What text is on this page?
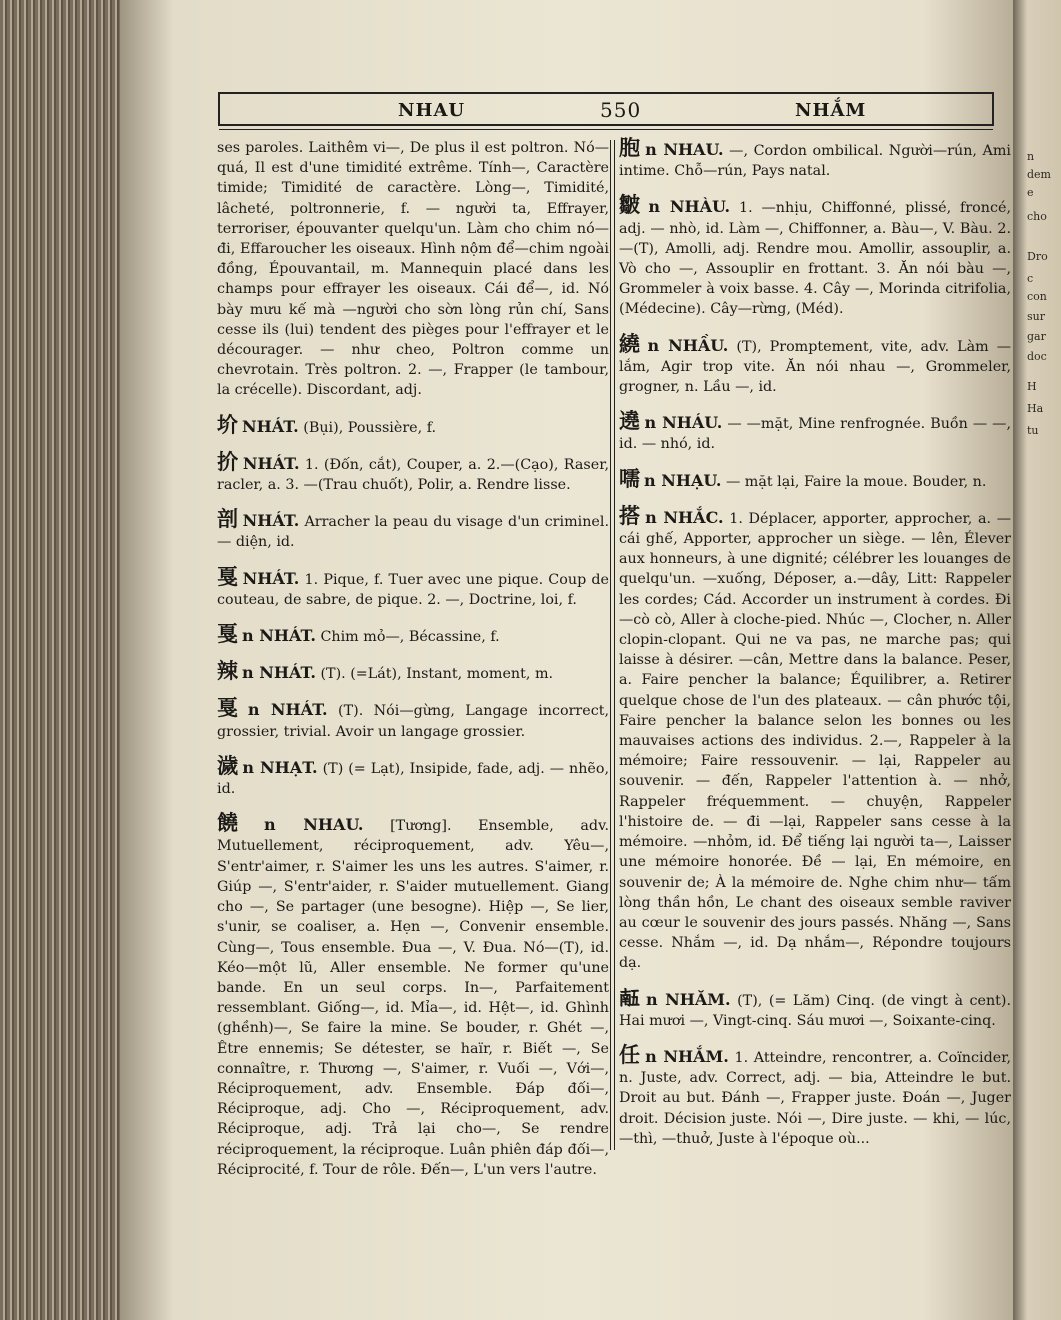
n
dem
e
cho
Dro
c
con
sur
gar
doc
H
Ha
tu
NHAU	550	NHẮM
ses paroles. Laithêm vi—, De plus il est poltron. Nó—quá, Il est d'une timidité extrême. Tính—, Caractère timide; Timidité de caractère. Lòng—, Timidité, lâcheté, poltronnerie, f. — người ta, Effrayer, terroriser, épouvanter quelqu'un. Làm cho chim nó—đi, Effaroucher les oiseaux. Hình nộm để—chim ngoài đồng, Épouvantail, m. Mannequin placé dans les champs pour effrayer les oiseaux. Cái để—, id. Nó bày mưu kế mà —người cho sờn lòng rủn chí, Sans cesse ils (lui) tendent des pièges pour l'effrayer et le décourager. — như cheo, Poltron comme un chevrotain. Très poltron. 2. —, Frapper (le tambour, la crécelle). Discordant, adj.
圿 NHÁT. (Bụi), Poussière, f.
扴 NHÁT. 1. (Đốn, cắt), Couper, a. 2.—(Cạo), Raser, racler, a. 3. —(Trau chuốt), Polir, a. Rendre lisse.
剖 NHÁT. Arracher la peau du visage d'un criminel. — diện, id.
戛 NHÁT. 1. Pique, f. Tuer avec une pique. Coup de couteau, de sabre, de pique. 2. —, Doctrine, loi, f.
戛 n NHÁT. Chim mỏ—, Bécassine, f.
辣 n NHÁT. (T). (=Lát), Instant, moment, m.
戛 n NHÁT. (T). Nói—gừng, Langage incorrect, grossier, trivial. Avoir un langage grossier.
濊 n NHẠT. (T) (= Lạt), Insipide, fade, adj. — nhẽo, id.
饒 n NHAU. [Tương]. Ensemble, adv. Mutuellement, réciproquement, adv. Yêu—, S'entr'aimer, r. S'aimer les uns les autres. S'aimer, r. Giúp —, S'entr'aider, r. S'aider mutuellement. Giang cho —, Se partager (une besogne). Hiệp —, Se lier, s'unir, se coaliser, a. Hẹn —, Convenir ensemble. Cùng—, Tous ensemble. Đua —, V. Đua. Nó—(T), id. Kéo—một lũ, Aller ensemble. Ne former qu'une bande. En un seul corps. In—, Parfaitement ressemblant. Giống—, id. Mỉa—, id. Hệt—, id. Ghình (ghềnh)—, Se faire la mine. Se bouder, r. Ghét —, Être ennemis; Se détester, se haïr, r. Biết —, Se connaître, r. Thương —, S'aimer, r. Vuối —, Với—, Réciproquement, adv. Ensemble. Đáp đối—, Réciproque, adj. Cho —, Réciproquement, adv. Réciproque, adj. Trả lại cho—, Se rendre réciproquement, la réciproque. Luân phiên đáp đối—, Réciprocité, f. Tour de rôle. Đến—, L'un vers l'autre.
胞 n NHAU. —, Cordon ombilical. Người—rún, Ami intime. Chỗ—rún, Pays natal.
皺 n NHÀU. 1. —nhịu, Chiffonné, plissé, froncé, adj. — nhò, id. Làm —, Chiffonner, a. Bàu—, V. Bàu. 2. —(T), Amolli, adj. Rendre mou. Amollir, assouplir, a. Vò cho —, Assouplir en frottant. 3. Ăn nói bàu —, Grommeler à voix basse. 4. Cây —, Morinda citrifolia, (Médecine). Cây—rừng, (Méd).
繞 n NHẦU. (T), Promptement, vite, adv. Làm —lắm, Agir trop vite. Ăn nói nhau —, Grommeler, grogner, n. Lầu —, id.
遶 n NHÁU. — —mặt, Mine renfrognée. Buồn — —, id. — nhó, id.
嚅 n NHẠU. — mặt lại, Faire la moue. Bouder, n.
搭 n NHẮC. 1. Déplacer, apporter, approcher, a. — cái ghế, Apporter, approcher un siège. — lên, Élever aux honneurs, à une dignité; célébrer les louanges de quelqu'un. —xuống, Déposer, a.—dây, Litt: Rappeler les cordes; Cád. Accorder un instrument à cordes. Đi—cò cò, Aller à cloche-pied. Nhúc —, Clocher, n. Aller clopin-clopant. Qui ne va pas, ne marche pas; qui laisse à désirer. —cân, Mettre dans la balance. Peser, a. Faire pencher la balance; Équilibrer, a. Retirer quelque chose de l'un des plateaux. — cân phước tội, Faire pencher la balance selon les bonnes ou les mauvaises actions des individus. 2.—, Rappeler à la mémoire; Faire ressouvenir. — lại, Rappeler au souvenir. — đến, Rappeler l'attention à. — nhở, Rappeler fréquemment. — chuyện, Rappeler l'histoire de. — đi —lại, Rappeler sans cesse à la mémoire. —nhỏm, id. Để tiếng lại người ta—, Laisser une mémoire honorée. Đề — lại, En mémoire, en souvenir de; À la mémoire de. Nghe chim như— tấm lòng thần hồn, Le chant des oiseaux semble raviver au cœur le souvenir des jours passés. Nhăng —, Sans cesse. Nhắm —, id. Dạ nhắm—, Répondre toujours dạ.
𠄼 n NHĂM. (T), (= Lăm) Cinq. (de vingt à cent). Hai mươi —, Vingt-cinq. Sáu mươi —, Soixante-cinq.
任 n NHẮM. 1. Atteindre, rencontrer, a. Coïncider, n. Juste, adv. Correct, adj. — bia, Atteindre le but. Droit au but. Đánh —, Frapper juste. Đoán —, Juger droit. Décision juste. Nói —, Dire juste. — khi, — lúc, —thì, —thuở, Juste à l'époque où...
